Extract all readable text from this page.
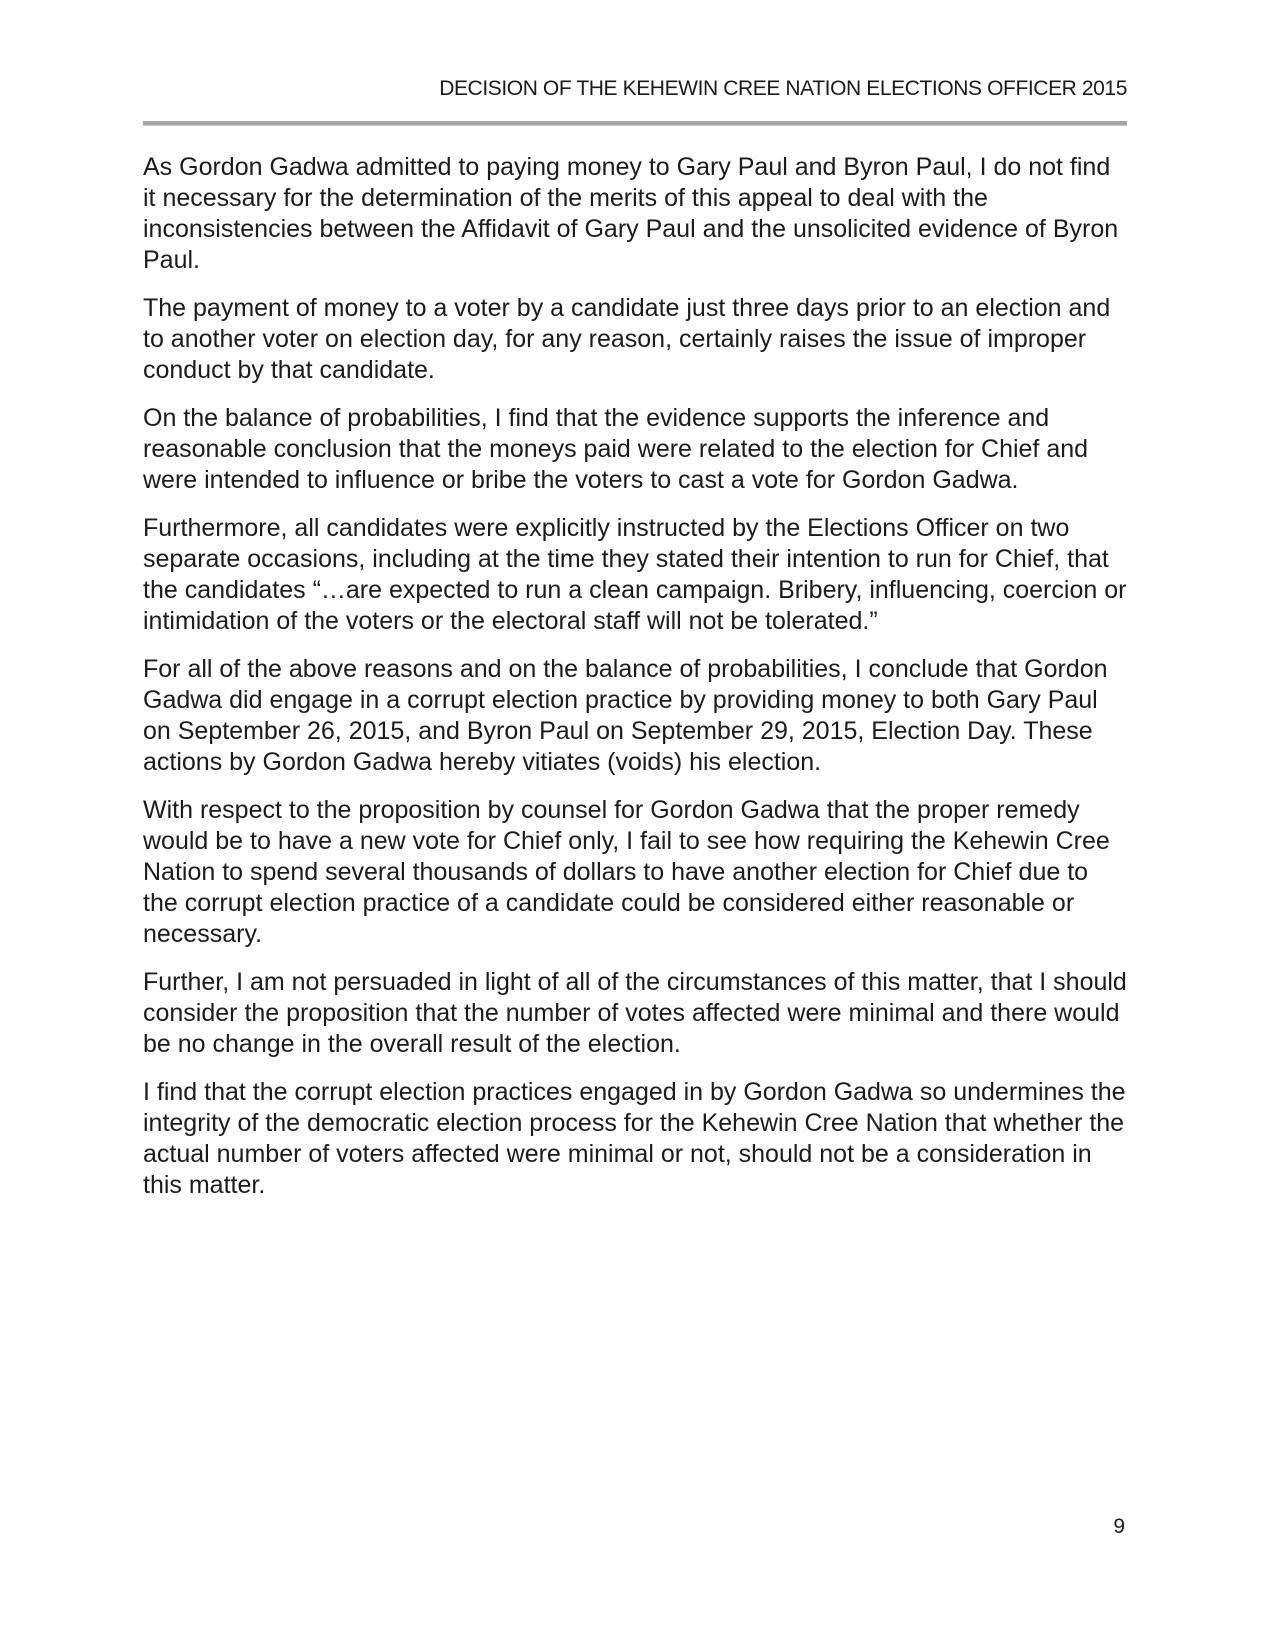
DECISION OF THE KEHEWIN CREE NATION ELECTIONS OFFICER 2015

As Gordon Gadwa admitted to paying money to Gary Paul and Byron Paul, I do not find it necessary for the determination of the merits of this appeal to deal with the inconsistencies between the Affidavit of Gary Paul and the unsolicited evidence of Byron Paul.

The payment of money to a voter by a candidate just three days prior to an election and to another voter on election day, for any reason, certainly raises the issue of improper conduct by that candidate.

On the balance of probabilities, I find that the evidence supports the inference and reasonable conclusion that the moneys paid were related to the election for Chief and were intended to influence or bribe the voters to cast a vote for Gordon Gadwa.

Furthermore, all candidates were explicitly instructed by the Elections Officer on two separate occasions, including at the time they stated their intention to run for Chief, that the candidates “…are expected to run a clean campaign. Bribery, influencing, coercion or intimidation of the voters or the electoral staff will not be tolerated.”

For all of the above reasons and on the balance of probabilities, I conclude that Gordon Gadwa did engage in a corrupt election practice by providing money to both Gary Paul on September 26, 2015, and Byron Paul on September 29, 2015, Election Day. These actions by Gordon Gadwa hereby vitiates (voids) his election.

With respect to the proposition by counsel for Gordon Gadwa that the proper remedy would be to have a new vote for Chief only, I fail to see how requiring the Kehewin Cree Nation to spend several thousands of dollars to have another election for Chief due to the corrupt election practice of a candidate could be considered either reasonable or necessary.

Further, I am not persuaded in light of all of the circumstances of this matter, that I should consider the proposition that the number of votes affected were minimal and there would be no change in the overall result of the election.

I find that the corrupt election practices engaged in by Gordon Gadwa so undermines the integrity of the democratic election process for the Kehewin Cree Nation that whether the actual number of voters affected were minimal or not, should not be a consideration in this matter.

9
